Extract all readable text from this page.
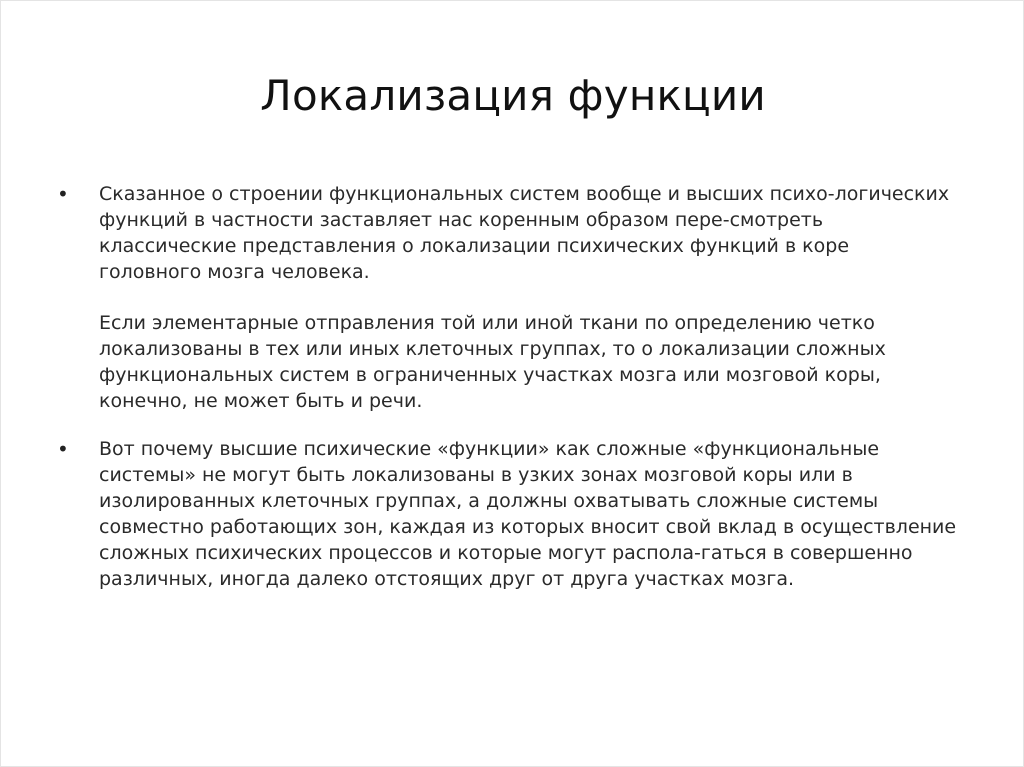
Локализация функции
• Сказанное о строении функциональных систем вообще и высших психо-логических функций в частности заставляет нас коренным образом пере-смотреть классические представления о локализации психических функций в коре головного мозга человека.

Если элементарные отправления той или иной ткани по определению четко локализованы в тех или иных клеточных группах, то о локализации сложных функциональных систем в ограниченных участках мозга или мозговой коры, конечно, не может быть и речи.

• Вот почему высшие психические «функции» как сложные «функциональные системы» не могут быть локализованы в узких зонах мозговой коры или в изолированных клеточных группах, а должны охватывать сложные системы совместно работающих зон, каждая из которых вносит свой вклад в осуществление сложных психических процессов и которые могут распола-гаться в совершенно различных, иногда далеко отстоящих друг от друга участках мозга.
